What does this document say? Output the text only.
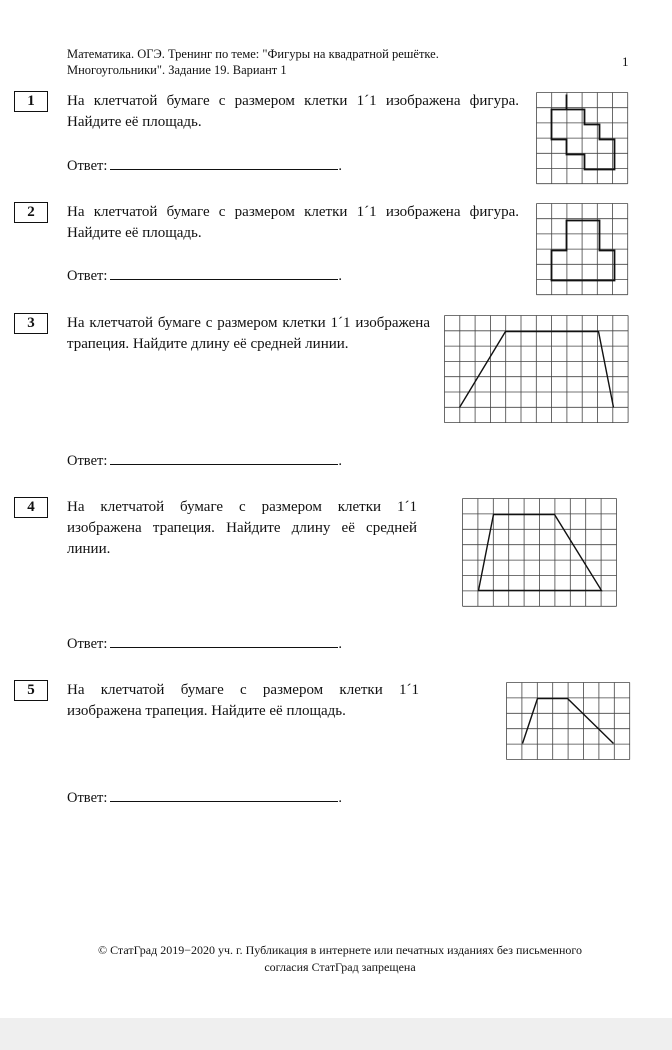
Математика. ОГЭ. Тренинг по теме: "Фигуры на квадратной решётке. Многоугольники". Задание 19. Вариант 1
1
1	На клетчатой бумаге с размером клетки 1´1 изображена фигура. Найдите её площадь.
Ответ:	.
2	На клетчатой бумаге с размером клетки 1´1 изображена фигура. Найдите её площадь.
Ответ:	.
3	На клетчатой бумаге с размером клетки 1´1 изображена трапеция. Найдите длину её средней линии.
Ответ:	.
4	На клетчатой бумаге с размером клетки 1´1 изображена трапеция. Найдите длину её средней линии.
Ответ:	.
5	На клетчатой бумаге с размером клетки 1´1 изображена трапеция. Найдите её площадь.
Ответ:	.
© СтатГрад 2019−2020 уч. г. Публикация в интернете или печатных изданиях без письменного
согласия СтатГрад запрещена
